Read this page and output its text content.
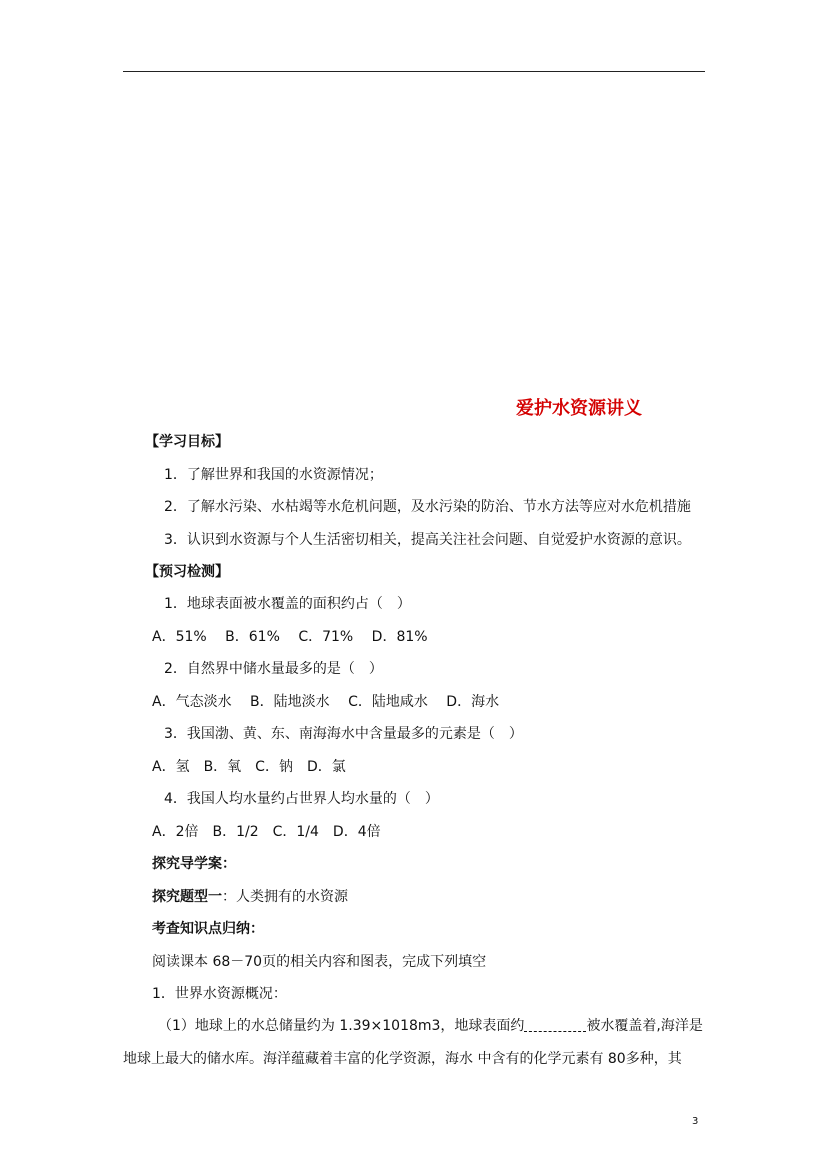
爱护水资源讲义
【学习目标】
1．了解世界和我国的水资源情况；
2．了解水污染、水枯竭等水危机问题，及水污染的防治、节水方法等应对水危机措施
3．认识到水资源与个人生活密切相关，提高关注社会问题、自觉爱护水资源的意识。
【预习检测】
1．地球表面被水覆盖的面积约占（　）
A．51%　 B．61%　 C．71%　 D．81%
2．自然界中储水量最多的是（　）
A．气态淡水　 B．陆地淡水　 C．陆地咸水　 D．海水
3．我国渤、黄、东、南海海水中含量最多的元素是（　）
A．氢　B．氧　C．钠　D．氯
4．我国人均水量约占世界人均水量的（　）
A．2倍　B．1/2　C．1/4　D．4倍
探究导学案：
探究题型一：人类拥有的水资源
考查知识点归纳：
阅读课本 68－70页的相关内容和图表，完成下列填空
1．世界水资源概况：
（1）地球上的水总储量约为 1.39×1018m3，地球表面约	被水覆盖着,海洋是
地球上最大的储水库。海洋蕴藏着丰富的化学资源，海水 中含有的化学元素有 80多种，其
3
